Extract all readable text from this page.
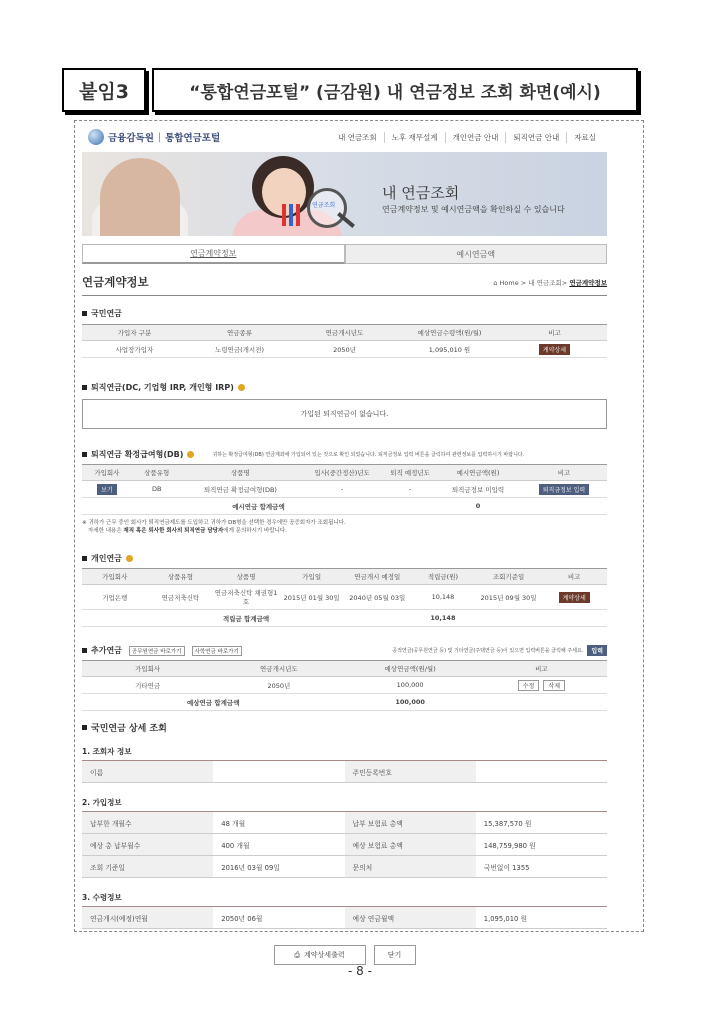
붙임3	“통합연금포털” (금감원) 내 연금정보 조회 화면(예시)
금융감독원 | 통합연금포털	내 연금조회	노후 재무설계	개인연금 안내	퇴직연금 안내	자료실
연금조회
내 연금조회
연금계약정보 및 예시연금액을 확인하실 수 있습니다
연금계약정보	예시연금액
연금계약정보	⌂ Home > 내 연금조회> 연금계약정보
국민연금
가입자 구분	연금종류	연금개시년도	예상연금수령액(원/월)	비고
사업장가입자	노령연금(개시전)	2050년	1,095,010 원	계약상세
퇴직연금(DC, 기업형 IRP, 개인형 IRP)
가입된 퇴직연금이 없습니다.
퇴직연금 확정급여형(DB)	귀하는 확정급여형(DB) 연금계좌에 가입되어 있는 것으로 확인 되었습니다. 퇴직금정보 입력 버튼을 클릭하여 관련정보를 입력하시기 바랍니다.
가입회사	상품유형	상품명	입사(중간정산)년도	퇴직 예정년도	예시연금액(원)	비고
보기	DB	퇴직연금 확정급여형(DB)	-	-	퇴직금정보 미입력	퇴직금정보 입력
예시연금 합계금액					0	
※ 귀하가 근무 중인 회사가 퇴직연금제도를 도입하고 귀하가 DB형을 선택한 경우에만 공증회자가 조회됩니다.
자세한 내용은 재직 혹은 퇴사한 회사의 퇴직연금 담당자에게 문의하시기 바랍니다.
개인연금
가입회사	상품유형	상품명	가입일	연금개시 예정일	적립금(원)	조회기준일	비고
기업은행	연금저축신탁	연금저축신탁 채권형1호	2015년 01월 30일	2040년 05월 03일	10,148	2015년 09월 30일	계약상세
적립금 합계금액					10,148		
추가연금	공무원연금 바로가기	사학연금 바로가기	공적연금(공무원연금 등) 및 기타연금(주택연금 등)이 있으면 입력버튼을 클릭해 주세요.	입력
가입회사	연금개시년도	예상연금액(원/월)	비고
기타연금	2050년	100,000	수정 삭제
예상연금 합계금액		100,000	
국민연금 상세 조회
1. 조회자 정보
이름		주민등록번호	
2. 가입정보
납부한 개월수	48 개월	납부 보험료 총액	15,387,570 원
예상 총 납부월수	400 개월	예상 보험료 총액	148,759,980 원
조회 기준일	2016년 03월 09일	문의처	국번없이 1355
3. 수령정보
연금개시(예정)연월	2050년 06월	예상 연금월액	1,095,010 원
⎙ 계약상세출력	닫기
- 8 -
